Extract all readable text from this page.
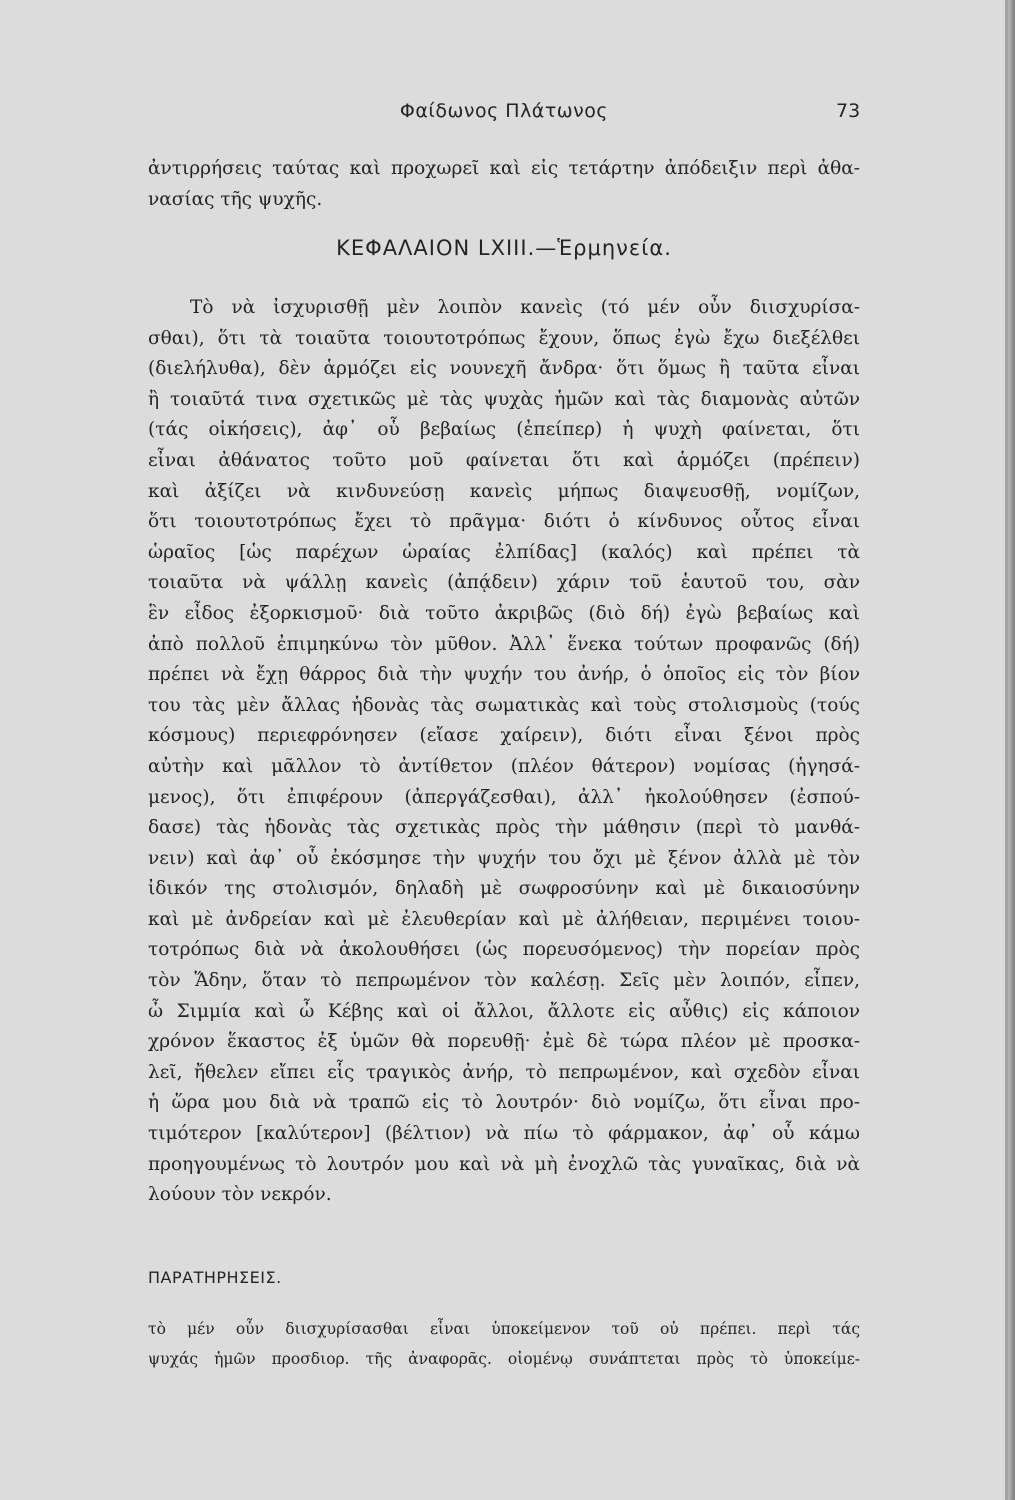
Φαίδωνος Πλάτωνος	73
ἀντιρρήσεις ταύτας καὶ προχωρεῖ καὶ εἰς τετάρτην ἀπόδειξιν περὶ ἀθα-
νασίας τῆς ψυχῆς.
ΚΕΦΑΛΑΙΟΝ LXIII.—Ἑρμηνεία.
Τὸ νὰ ἰσχυρισθῇ μὲν λοιπὸν κανεὶς (τό μέν οὖν διισχυρίσα-
σθαι), ὅτι τὰ τοιαῦτα τοιουτοτρόπως ἔχουν, ὅπως ἐγὼ ἔχω διεξέλθει
(διελήλυθα), δὲν ἁρμόζει εἰς νουνεχῆ ἄνδρα· ὅτι ὅμως ἢ ταῦτα εἶναι
ἢ τοιαῦτά τινα σχετικῶς μὲ τὰς ψυχὰς ἡμῶν καὶ τὰς διαμονὰς αὐτῶν
(τάς οἰκήσεις), ἀφ᾽ οὗ βεβαίως (ἐπείπερ) ἡ ψυχὴ φαίνεται, ὅτι
εἶναι ἀθάνατος τοῦτο μοῦ φαίνεται ὅτι καὶ ἁρμόζει (πρέπειν)
καὶ ἀξίζει νὰ κινδυνεύσῃ κανεὶς μήπως διαψευσθῇ, νομίζων,
ὅτι τοιουτοτρόπως ἔχει τὸ πρᾶγμα· διότι ὁ κίνδυνος οὗτος εἶναι
ὡραῖος [ὡς παρέχων ὡραίας ἐλπίδας] (καλός) καὶ πρέπει τὰ
τοιαῦτα νὰ ψάλλῃ κανεὶς (ἀπᾴδειν) χάριν τοῦ ἑαυτοῦ του, σὰν
ἓν εἶδος ἐξορκισμοῦ· διὰ τοῦτο ἀκριβῶς (διὸ δή) ἐγὼ βεβαίως καὶ
ἀπὸ πολλοῦ ἐπιμηκύνω τὸν μῦθον. Ἀλλ᾽ ἕνεκα τούτων προφανῶς (δή)
πρέπει νὰ ἔχῃ θάρρος διὰ τὴν ψυχήν του ἀνήρ, ὁ ὁποῖος εἰς τὸν βίον
του τὰς μὲν ἄλλας ἡδονὰς τὰς σωματικὰς καὶ τοὺς στολισμοὺς (τούς
κόσμους) περιεφρόνησεν (εἴασε χαίρειν), διότι εἶναι ξένοι πρὸς
αὐτὴν καὶ μᾶλλον τὸ ἀντίθετον (πλέον θάτερον) νομίσας (ἡγησά-
μενος), ὅτι ἐπιφέρουν (ἀπεργάζεσθαι), ἀλλ᾽ ἠκολούθησεν (ἐσπού-
δασε) τὰς ἡδονὰς τὰς σχετικὰς πρὸς τὴν μάθησιν (περὶ τὸ μανθά-
νειν) καὶ ἀφ᾽ οὗ ἐκόσμησε τὴν ψυχήν του ὄχι μὲ ξένον ἀλλὰ μὲ τὸν
ἰδικόν της στολισμόν, δηλαδὴ μὲ σωφροσύνην καὶ μὲ δικαιοσύνην
καὶ μὲ ἀνδρείαν καὶ μὲ ἐλευθερίαν καὶ μὲ ἀλήθειαν, περιμένει τοιου-
τοτρόπως διὰ νὰ ἀκολουθήσει (ὡς πορευσόμενος) τὴν πορείαν πρὸς
τὸν Ἅδην, ὅταν τὸ πεπρωμένον τὸν καλέσῃ. Σεῖς μὲν λοιπόν, εἶπεν,
ὦ Σιμμία καὶ ὦ Κέβης καὶ οἱ ἄλλοι, ἄλλοτε εἰς αὖθις) εἰς κάποιον
χρόνον ἕκαστος ἐξ ὑμῶν θὰ πορευθῇ· ἐμὲ δὲ τώρα πλέον μὲ προσκα-
λεῖ, ἤθελεν εἴπει εἷς τραγικὸς ἀνήρ, τὸ πεπρωμένον, καὶ σχεδὸν εἶναι
ἡ ὥρα μου διὰ νὰ τραπῶ εἰς τὸ λουτρόν· διὸ νομίζω, ὅτι εἶναι προ-
τιμότερον [καλύτερον] (βέλτιον) νὰ πίω τὸ φάρμακον, ἀφ᾽ οὗ κάμω
προηγουμένως τὸ λουτρόν μου καὶ νὰ μὴ ἐνοχλῶ τὰς γυναῖκας, διὰ νὰ
λούουν τὸν νεκρόν.
ΠΑΡΑΤΗΡΗΣΕΙΣ.
τὸ μέν οὖν διισχυρίσασθαι εἶναι ὑποκείμενον τοῦ οὐ πρέπει. περὶ τάς
ψυχάς ἡμῶν προσδιορ. τῆς ἀναφορᾶς. οἰομένῳ συνάπτεται πρὸς τὸ ὑποκείμε-
